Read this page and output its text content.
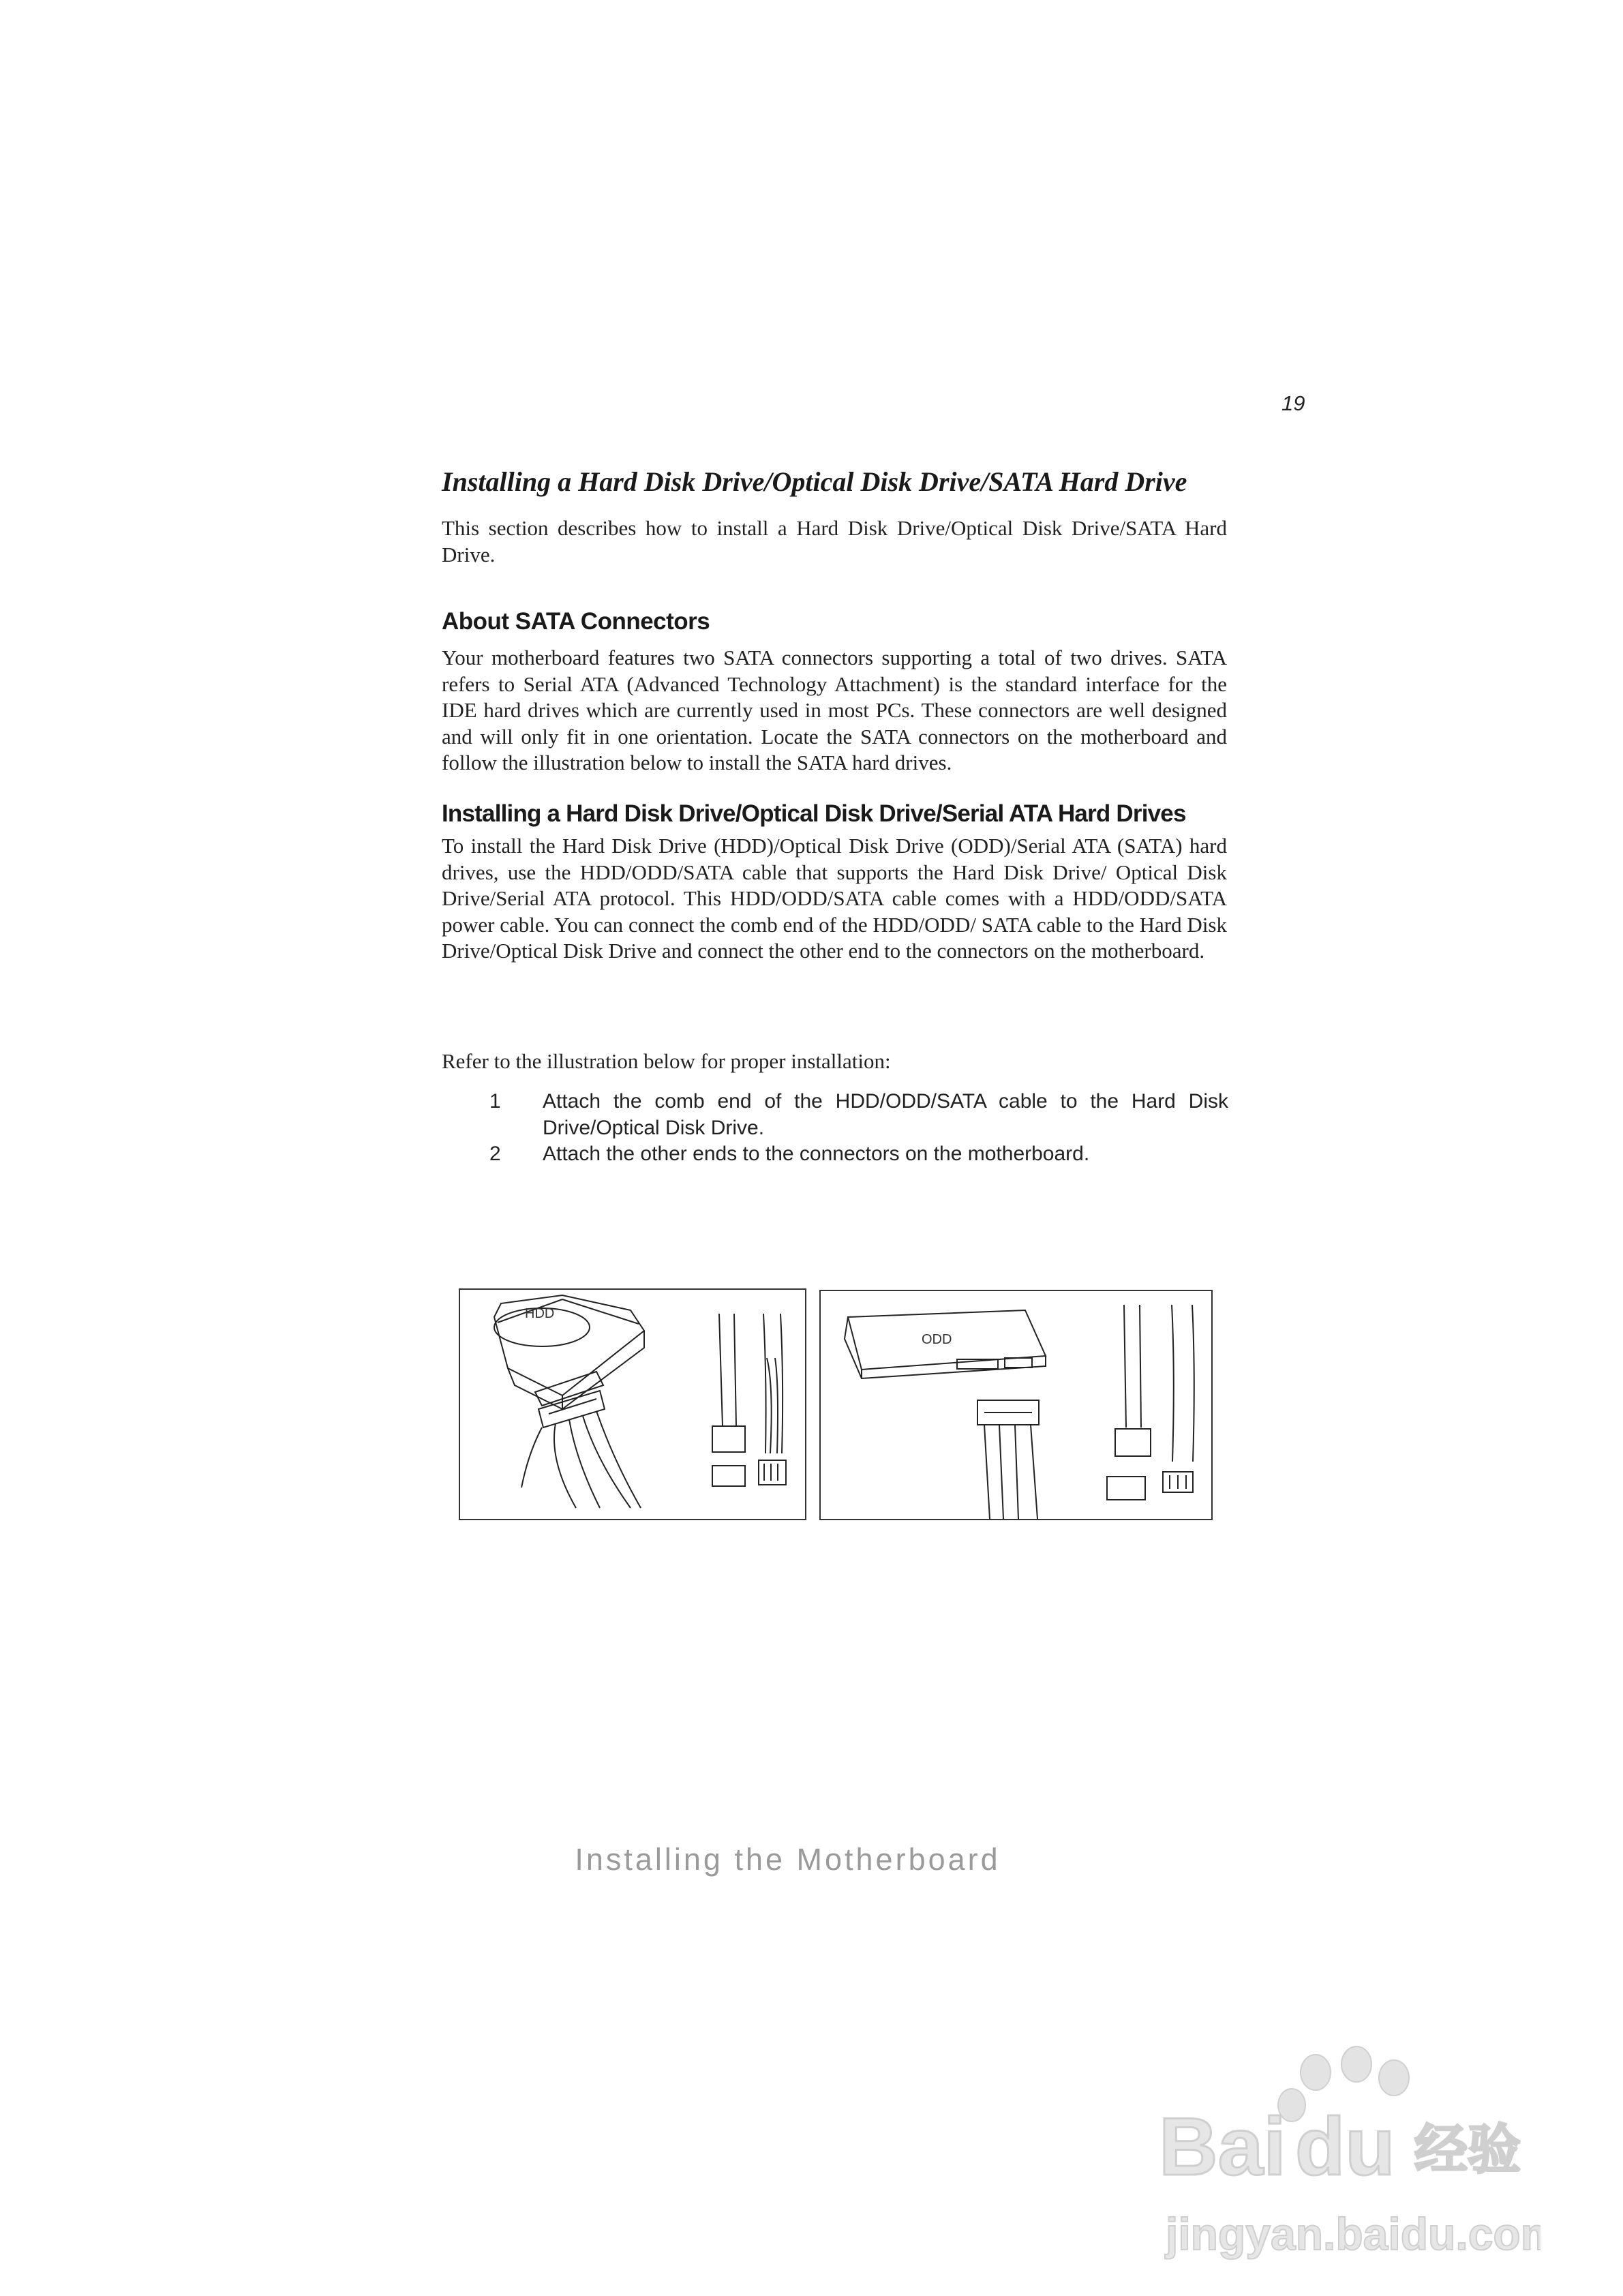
19
Installing a Hard Disk Drive/Optical Disk Drive/SATA Hard Drive
This section describes how to install a Hard Disk Drive/Optical Disk Drive/SATA Hard Drive.
About SATA Connectors
Your motherboard features two SATA connectors supporting a total of two drives. SATA refers to Serial ATA (Advanced Technology Attachment) is the standard interface for the IDE hard drives which are currently used in most PCs. These connectors are well designed and will only fit in one orientation. Locate the SATA connectors on the motherboard and follow the illustration below to install the SATA hard drives.
Installing a Hard Disk Drive/Optical Disk Drive/Serial ATA Hard Drives
To install the Hard Disk Drive (HDD)/Optical Disk Drive (ODD)/Serial ATA (SATA) hard drives, use the HDD/ODD/SATA cable that supports the Hard Disk Drive/ Optical Disk Drive/Serial ATA protocol. This HDD/ODD/SATA cable comes with a HDD/ODD/SATA power cable. You can connect the comb end of the HDD/ODD/ SATA cable to the Hard Disk Drive/Optical Disk Drive and connect the other end to the connectors on the motherboard.
Refer to the illustration below for proper installation:
1	Attach the comb end of the HDD/ODD/SATA cable to the Hard Disk Drive/Optical Disk Drive.
2	Attach the other ends to the connectors on the motherboard.
HDD
ODD
Installing the Motherboard
Bai du 经验
jingyan.baidu.com
